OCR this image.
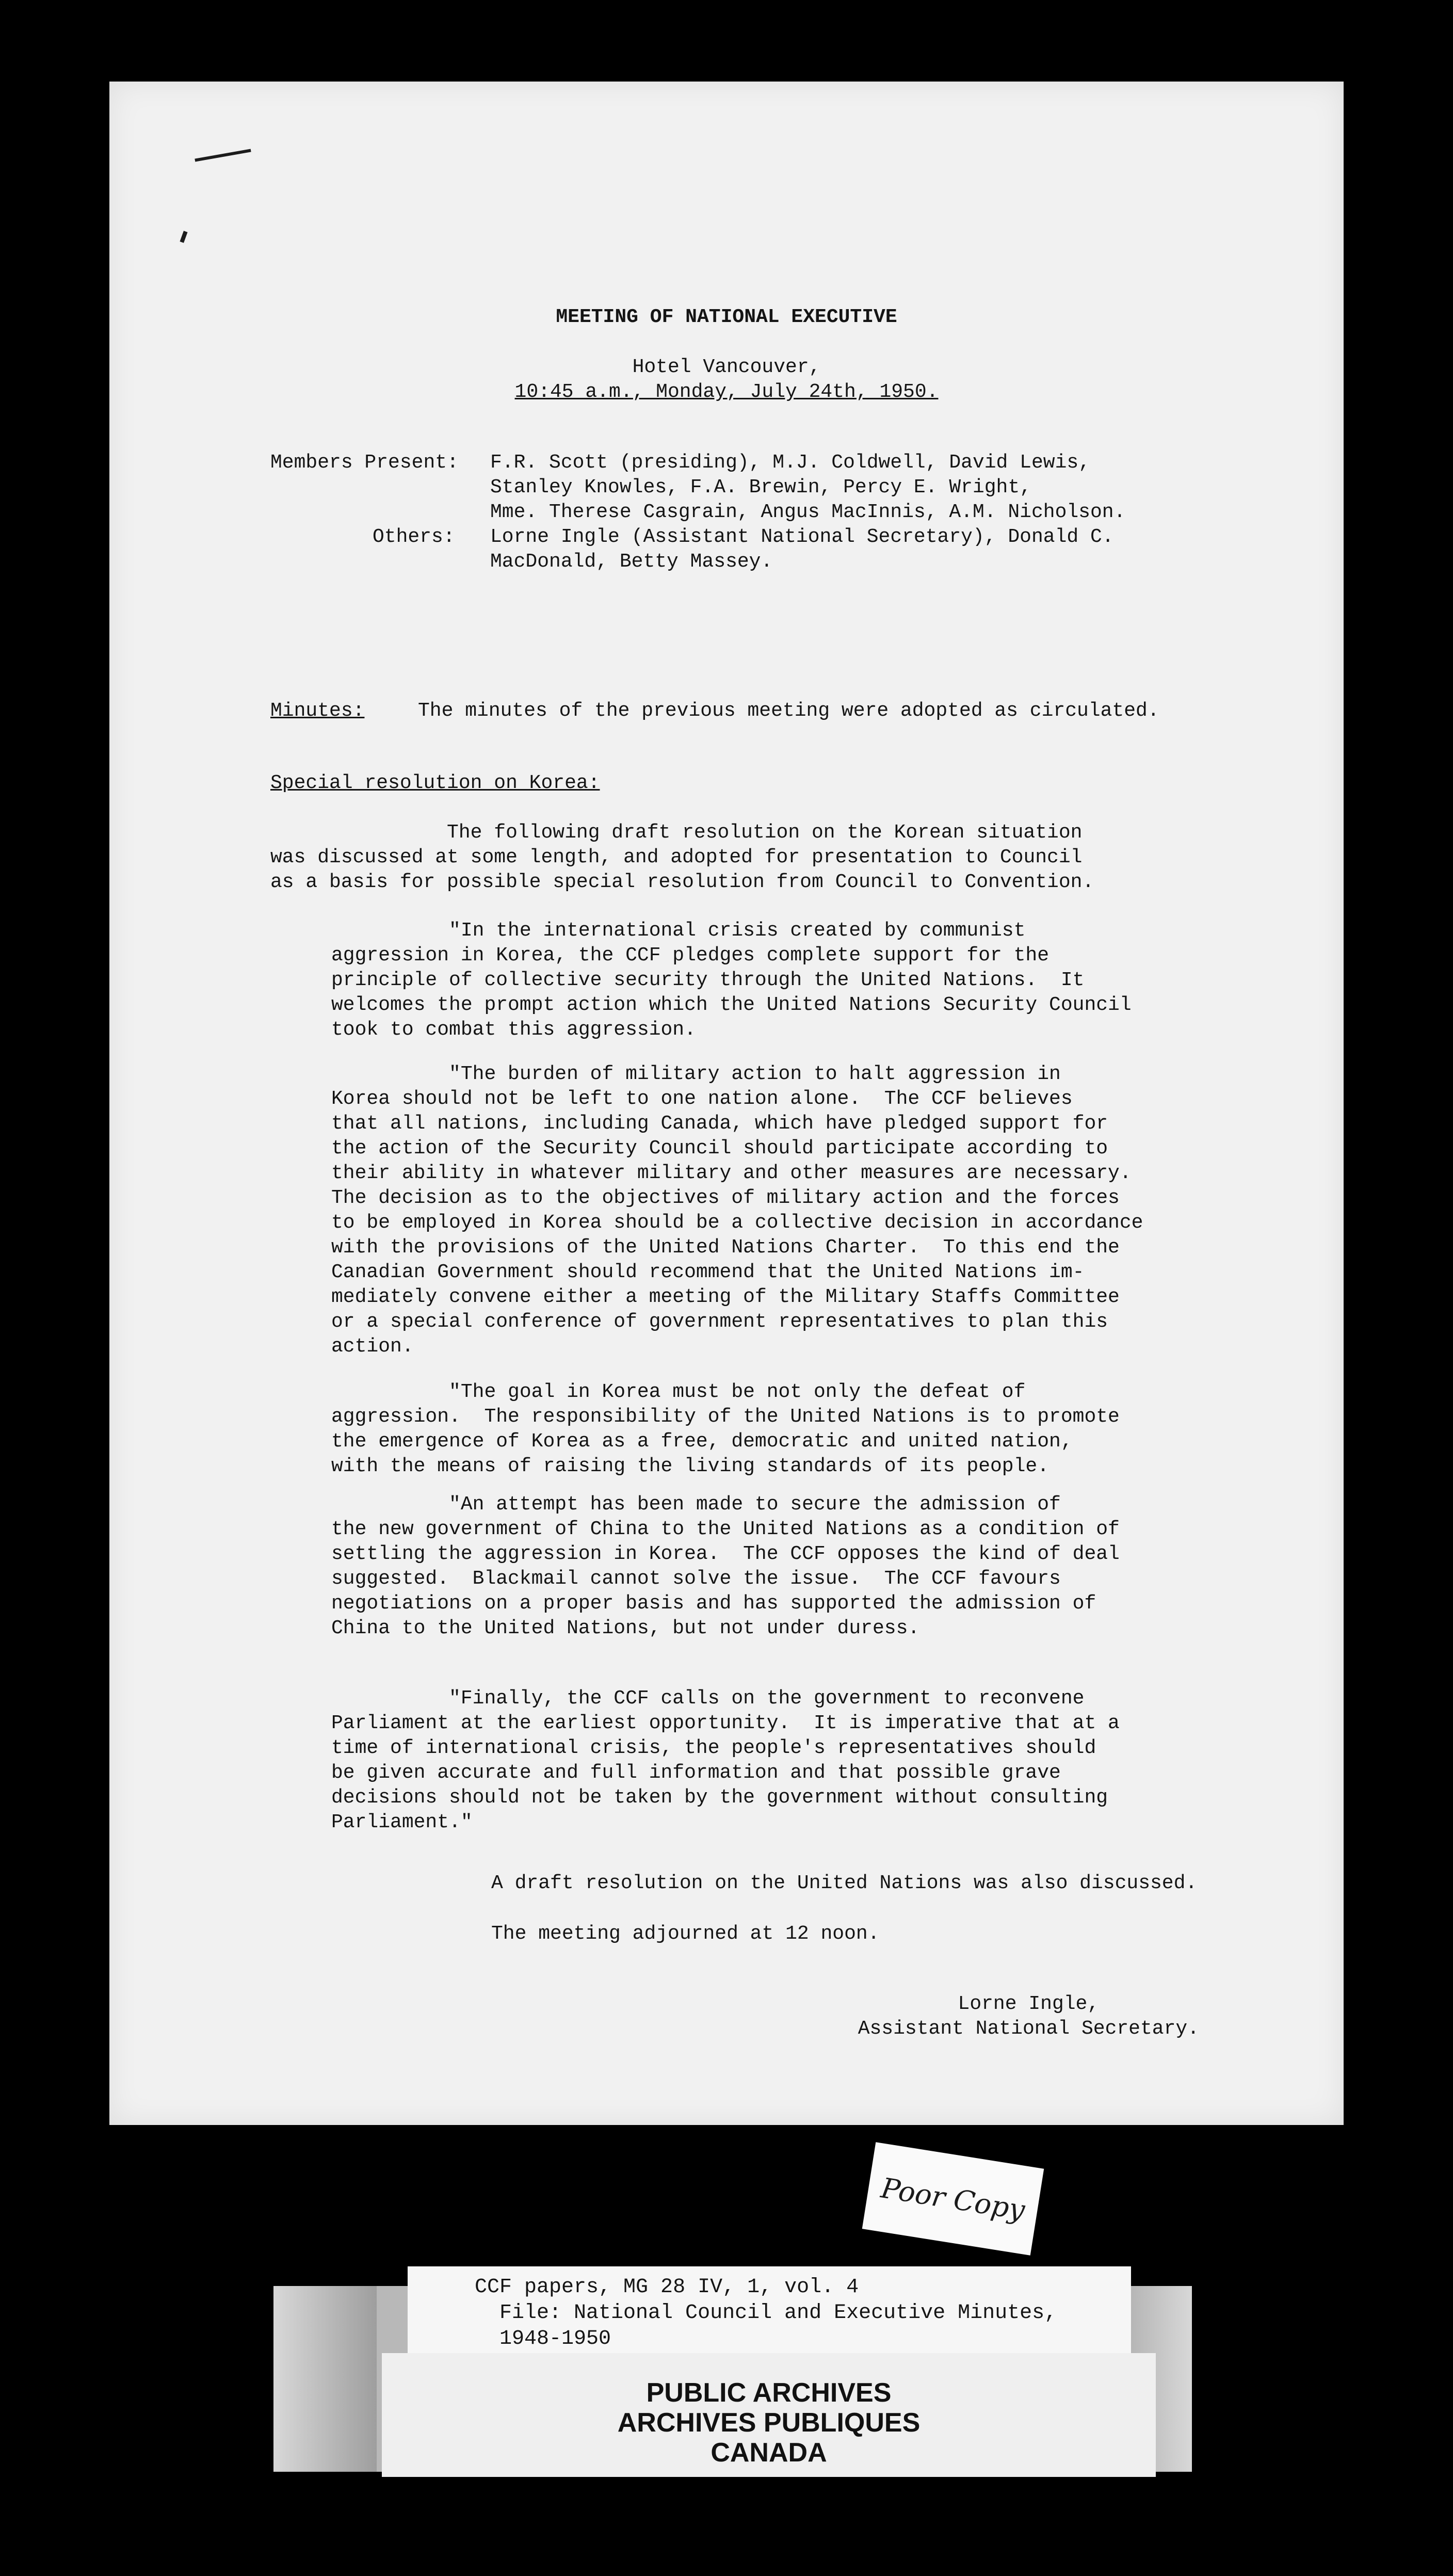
MEETING OF NATIONAL EXECUTIVE
Hotel Vancouver,
10:45 a.m., Monday, July 24th, 1950.
Members Present: F.R. Scott (presiding), M.J. Coldwell, David Lewis,
Stanley Knowles, F.A. Brewin, Percy E. Wright,
Mme. Therese Casgrain, Angus MacInnis, A.M. Nicholson.
Lorne Ingle (Assistant National Secretary), Donald C.
MacDonald, Betty Massey.
Others:
Minutes:	The minutes of the previous meeting were adopted as circulated.
Special resolution on Korea:
The following draft resolution on the Korean situation
was discussed at some length, and adopted for presentation to Council
as a basis for possible special resolution from Council to Convention.
"In the international crisis created by communist
aggression in Korea, the CCF pledges complete support for the
principle of collective security through the United Nations.  It
welcomes the prompt action which the United Nations Security Council
took to combat this aggression.
"The burden of military action to halt aggression in
Korea should not be left to one nation alone.  The CCF believes
that all nations, including Canada, which have pledged support for
the action of the Security Council should participate according to
their ability in whatever military and other measures are necessary.
The decision as to the objectives of military action and the forces
to be employed in Korea should be a collective decision in accordance
with the provisions of the United Nations Charter.  To this end the
Canadian Government should recommend that the United Nations im-
mediately convene either a meeting of the Military Staffs Committee
or a special conference of government representatives to plan this
action.
"The goal in Korea must be not only the defeat of
aggression.  The responsibility of the United Nations is to promote
the emergence of Korea as a free, democratic and united nation,
with the means of raising the living standards of its people.
"An attempt has been made to secure the admission of
the new government of China to the United Nations as a condition of
settling the aggression in Korea.  The CCF opposes the kind of deal
suggested.  Blackmail cannot solve the issue.  The CCF favours
negotiations on a proper basis and has supported the admission of
China to the United Nations, but not under duress.
"Finally, the CCF calls on the government to reconvene
Parliament at the earliest opportunity.  It is imperative that at a
time of international crisis, the people's representatives should
be given accurate and full information and that possible grave
decisions should not be taken by the government without consulting
Parliament."
A draft resolution on the United Nations was also discussed.
The meeting adjourned at 12 noon.
Lorne Ingle,
Assistant National Secretary.
Poor Copy
CCF papers, MG 28 IV, 1, vol. 4
File: National Council and Executive Minutes,
1948-1950
PUBLIC ARCHIVES
ARCHIVES PUBLIQUES
CANADA
